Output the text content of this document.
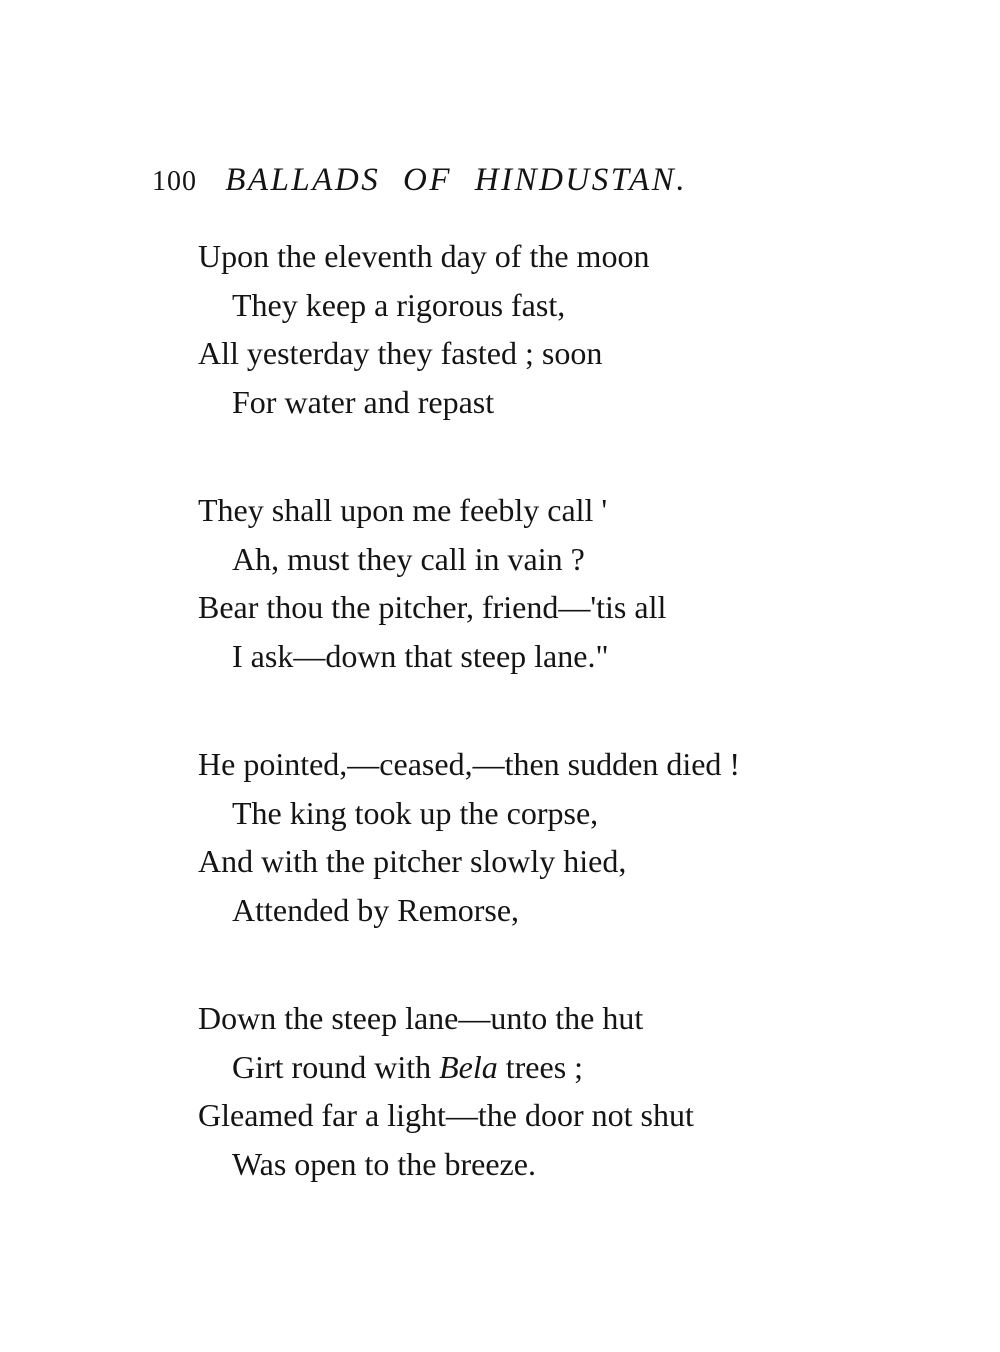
100 BALLADS OF HINDUSTAN.
Upon the eleventh day of the moon
They keep a rigorous fast,
All yesterday they fasted ; soon
For water and repast
They shall upon me feebly call '
Ah, must they call in vain ?
Bear thou the pitcher, friend—'tis all
I ask—down that steep lane."
He pointed,—ceased,—then sudden died !
The king took up the corpse,
And with the pitcher slowly hied,
Attended by Remorse,
Down the steep lane—unto the hut
Girt round with Bela trees ;
Gleamed far a light—the door not shut
Was open to the breeze.
